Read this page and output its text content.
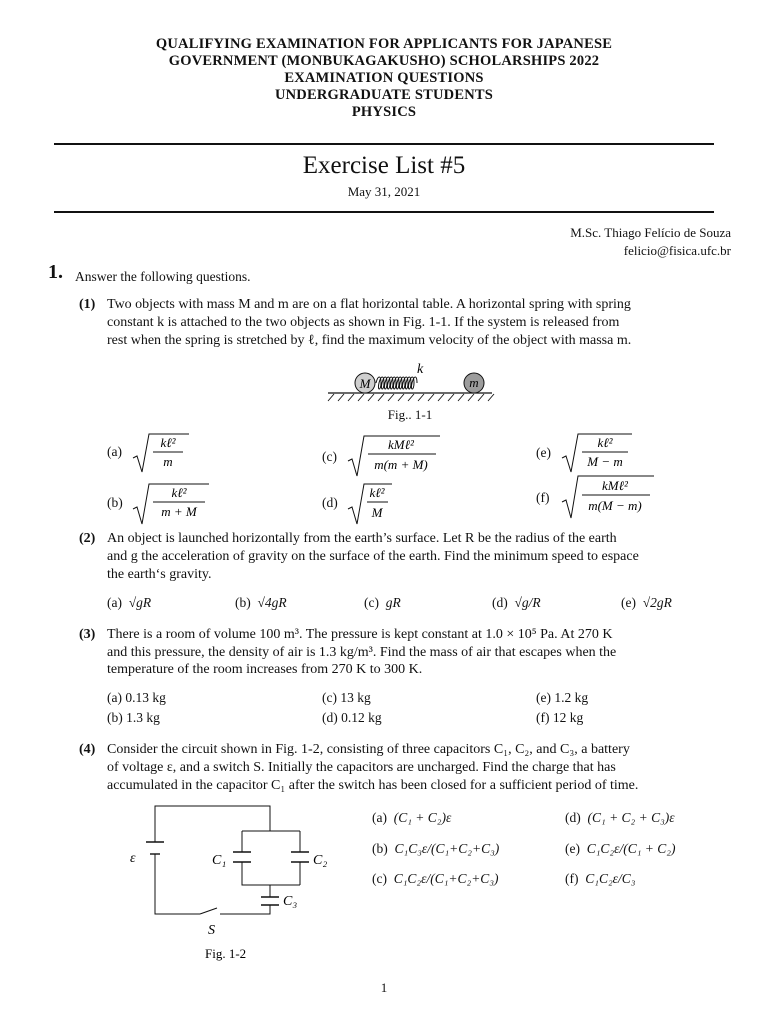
QUALIFYING EXAMINATION FOR APPLICANTS FOR JAPANESE
GOVERNMENT (MONBUKAGAKUSHO) SCHOLARSHIPS 2022
EXAMINATION QUESTIONS
UNDERGRADUATE STUDENTS
PHYSICS
Exercise List #5
May 31, 2021
M.Sc. Thiago Felício de Souza
felicio@fisica.ufc.br
1. Answer the following questions.
(1) Two objects with mass M and m are on a flat horizontal table. A horizontal spring with spring
constant k is attached to the two objects as shown in Fig. 1-1. If the system is released from
rest when the spring is stretched by ℓ, find the maximum velocity of the object with massa m.
k
M	m
Fig.. 1-1
(a)
kℓ²
m
(b)
kℓ²
m + M
(c)
kMℓ²
m(m + M)
(d)
kℓ²
M
(e)
kℓ²
M − m
(f)
kMℓ²
m(M − m)
(2) An object is launched horizontally from the earth’s surface. Let R be the radius of the earth
and g the acceleration of gravity on the surface of the earth. Find the minimum speed to espace
the earth‘s gravity.
(a) √gR	(b) √4gR	(c) gR	(d) √g/R	(e) √2gR
(3) There is a room of volume 100 m³. The pressure is kept constant at 1.0 × 10⁵ Pa. At 270 K
and this pressure, the density of air is 1.3 kg/m³. Find the mass of air that escapes when the
temperature of the room increases from 270 K to 300 K.
(a) 0.13 kg
(b) 1.3 kg
(c) 13 kg
(d) 0.12 kg
(e) 1.2 kg
(f) 12 kg
(4) Consider the circuit shown in Fig. 1-2, consisting of three capacitors C₁, C₂, and C₃, a battery
of voltage ε, and a switch S. Initially the capacitors are uncharged. Find the charge that has
accumulated in the capacitor C₁ after the switch has been closed for a sufficient period of time.
ε	C₁	C₂
C₃
S
Fig. 1-2
(a) (C₁ + C₂)ε
(b) C₁C₃ε/(C₁+C₂+C₃)
(c) C₁C₂ε/(C₁+C₂+C₃)
(d) (C₁ + C₂ + C₃)ε
(e) C₁C₂ε/(C₁ + C₂)
(f) C₁C₂ε/C₃
1
